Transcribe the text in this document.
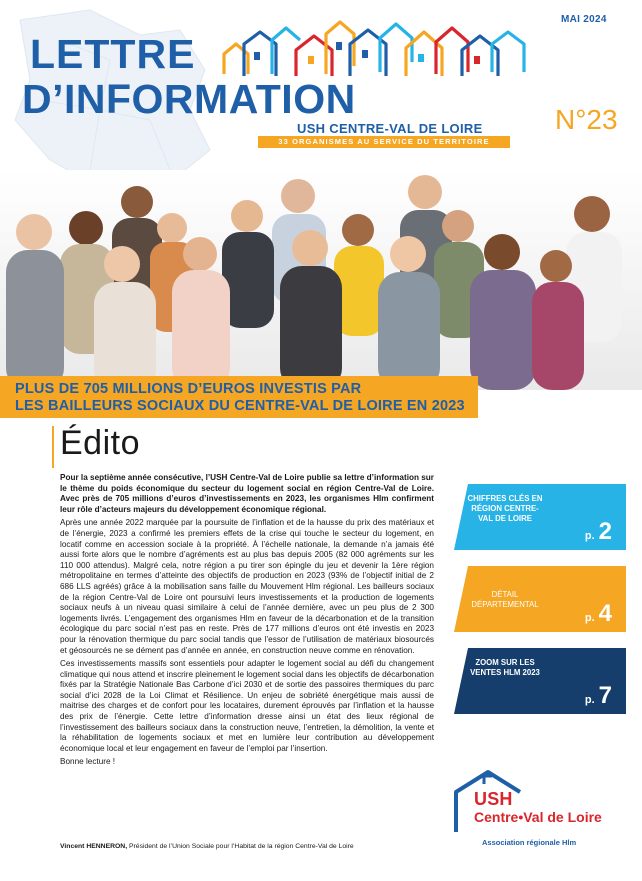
MAI 2024
LETTRE
D’INFORMATION	N°23
USH CENTRE-VAL DE LOIRE
33 ORGANISMES AU SERVICE DU TERRITOIRE
PLUS DE 705 MILLIONS D’EUROS INVESTIS PAR
LES BAILLEURS SOCIAUX DU CENTRE-VAL DE LOIRE EN 2023
Édito

Pour la septième année consécutive, l’USH Centre-Val de Loire publie sa lettre d’information sur le thème du poids économique du secteur du logement social en région Centre-Val de Loire. Avec près de 705 millions d’euros d’investissements en 2023, les organismes Hlm confirment leur rôle d’acteurs majeurs du développement économique régional.

Après une année 2022 marquée par la poursuite de l’inflation et de la hausse du prix des matériaux et de l’énergie, 2023 a confirmé les premiers effets de la crise qui touche le secteur du logement, en locatif comme en accession sociale à la propriété. À l’échelle nationale, la demande n’a jamais été aussi forte alors que le nombre d’agréments est au plus bas depuis 2005 (82 000 agréments sur les 110 000 attendus). Malgré cela, notre région a pu tirer son épingle du jeu et devenir la 1ère région métropolitaine en termes d’atteinte des objectifs de production en 2023 (93% de l’objectif initial de 2 686 LLS agréés) grâce à la mobilisation sans faille du Mouvement Hlm régional. Les bailleurs sociaux de la région Centre-Val de Loire ont poursuivi leurs investissements et la production de logements sociaux neufs à un niveau quasi similaire à celui de l’année dernière, avec un peu plus de 2 300 logements livrés. L’engagement des organismes Hlm en faveur de la décarbonation et de la transition écologique du parc social n’est pas en reste. Près de 177 millions d’euros ont été investis en 2023 pour la rénovation thermique du parc social tandis que l’essor de l’utilisation de matériaux biosourcés et géosourcés ne se dément pas d’année en année, en construction neuve comme en rénovation.

Ces investissements massifs sont essentiels pour adapter le logement social au défi du changement climatique qui nous attend et inscrire pleinement le logement social dans les objectifs de décarbonation fixés par la Stratégie Nationale Bas Carbone d’ici 2030 et de sortie des passoires thermiques du parc social d’ici 2028 de la Loi Climat et Résilience. Un enjeu de sobriété énergétique mais aussi de maitrise des charges et de confort pour les locataires, durement éprouvés par l’inflation et la hausse des prix de l’énergie. Cette lettre d’information dresse ainsi un état des lieux régional de l’investissement des bailleurs sociaux dans la construction neuve, l’entretien, la démolition, la vente et la réhabilitation de logements sociaux et met en lumière leur contribution au développement économique local et leur engagement en faveur de l’emploi par l’insertion.

Bonne lecture !

Vincent HENNERON, Président de l’Union Sociale pour l’Habitat de la région Centre-Val de Loire
CHIFFRES CLÉS EN RÉGION CENTRE-VAL DE LOIRE
p. 2
DÉTAIL DÉPARTEMENTAL
p. 4
ZOOM SUR LES VENTES HLM 2023
p. 7
USH
Centre•Val de Loire
Association régionale Hlm
